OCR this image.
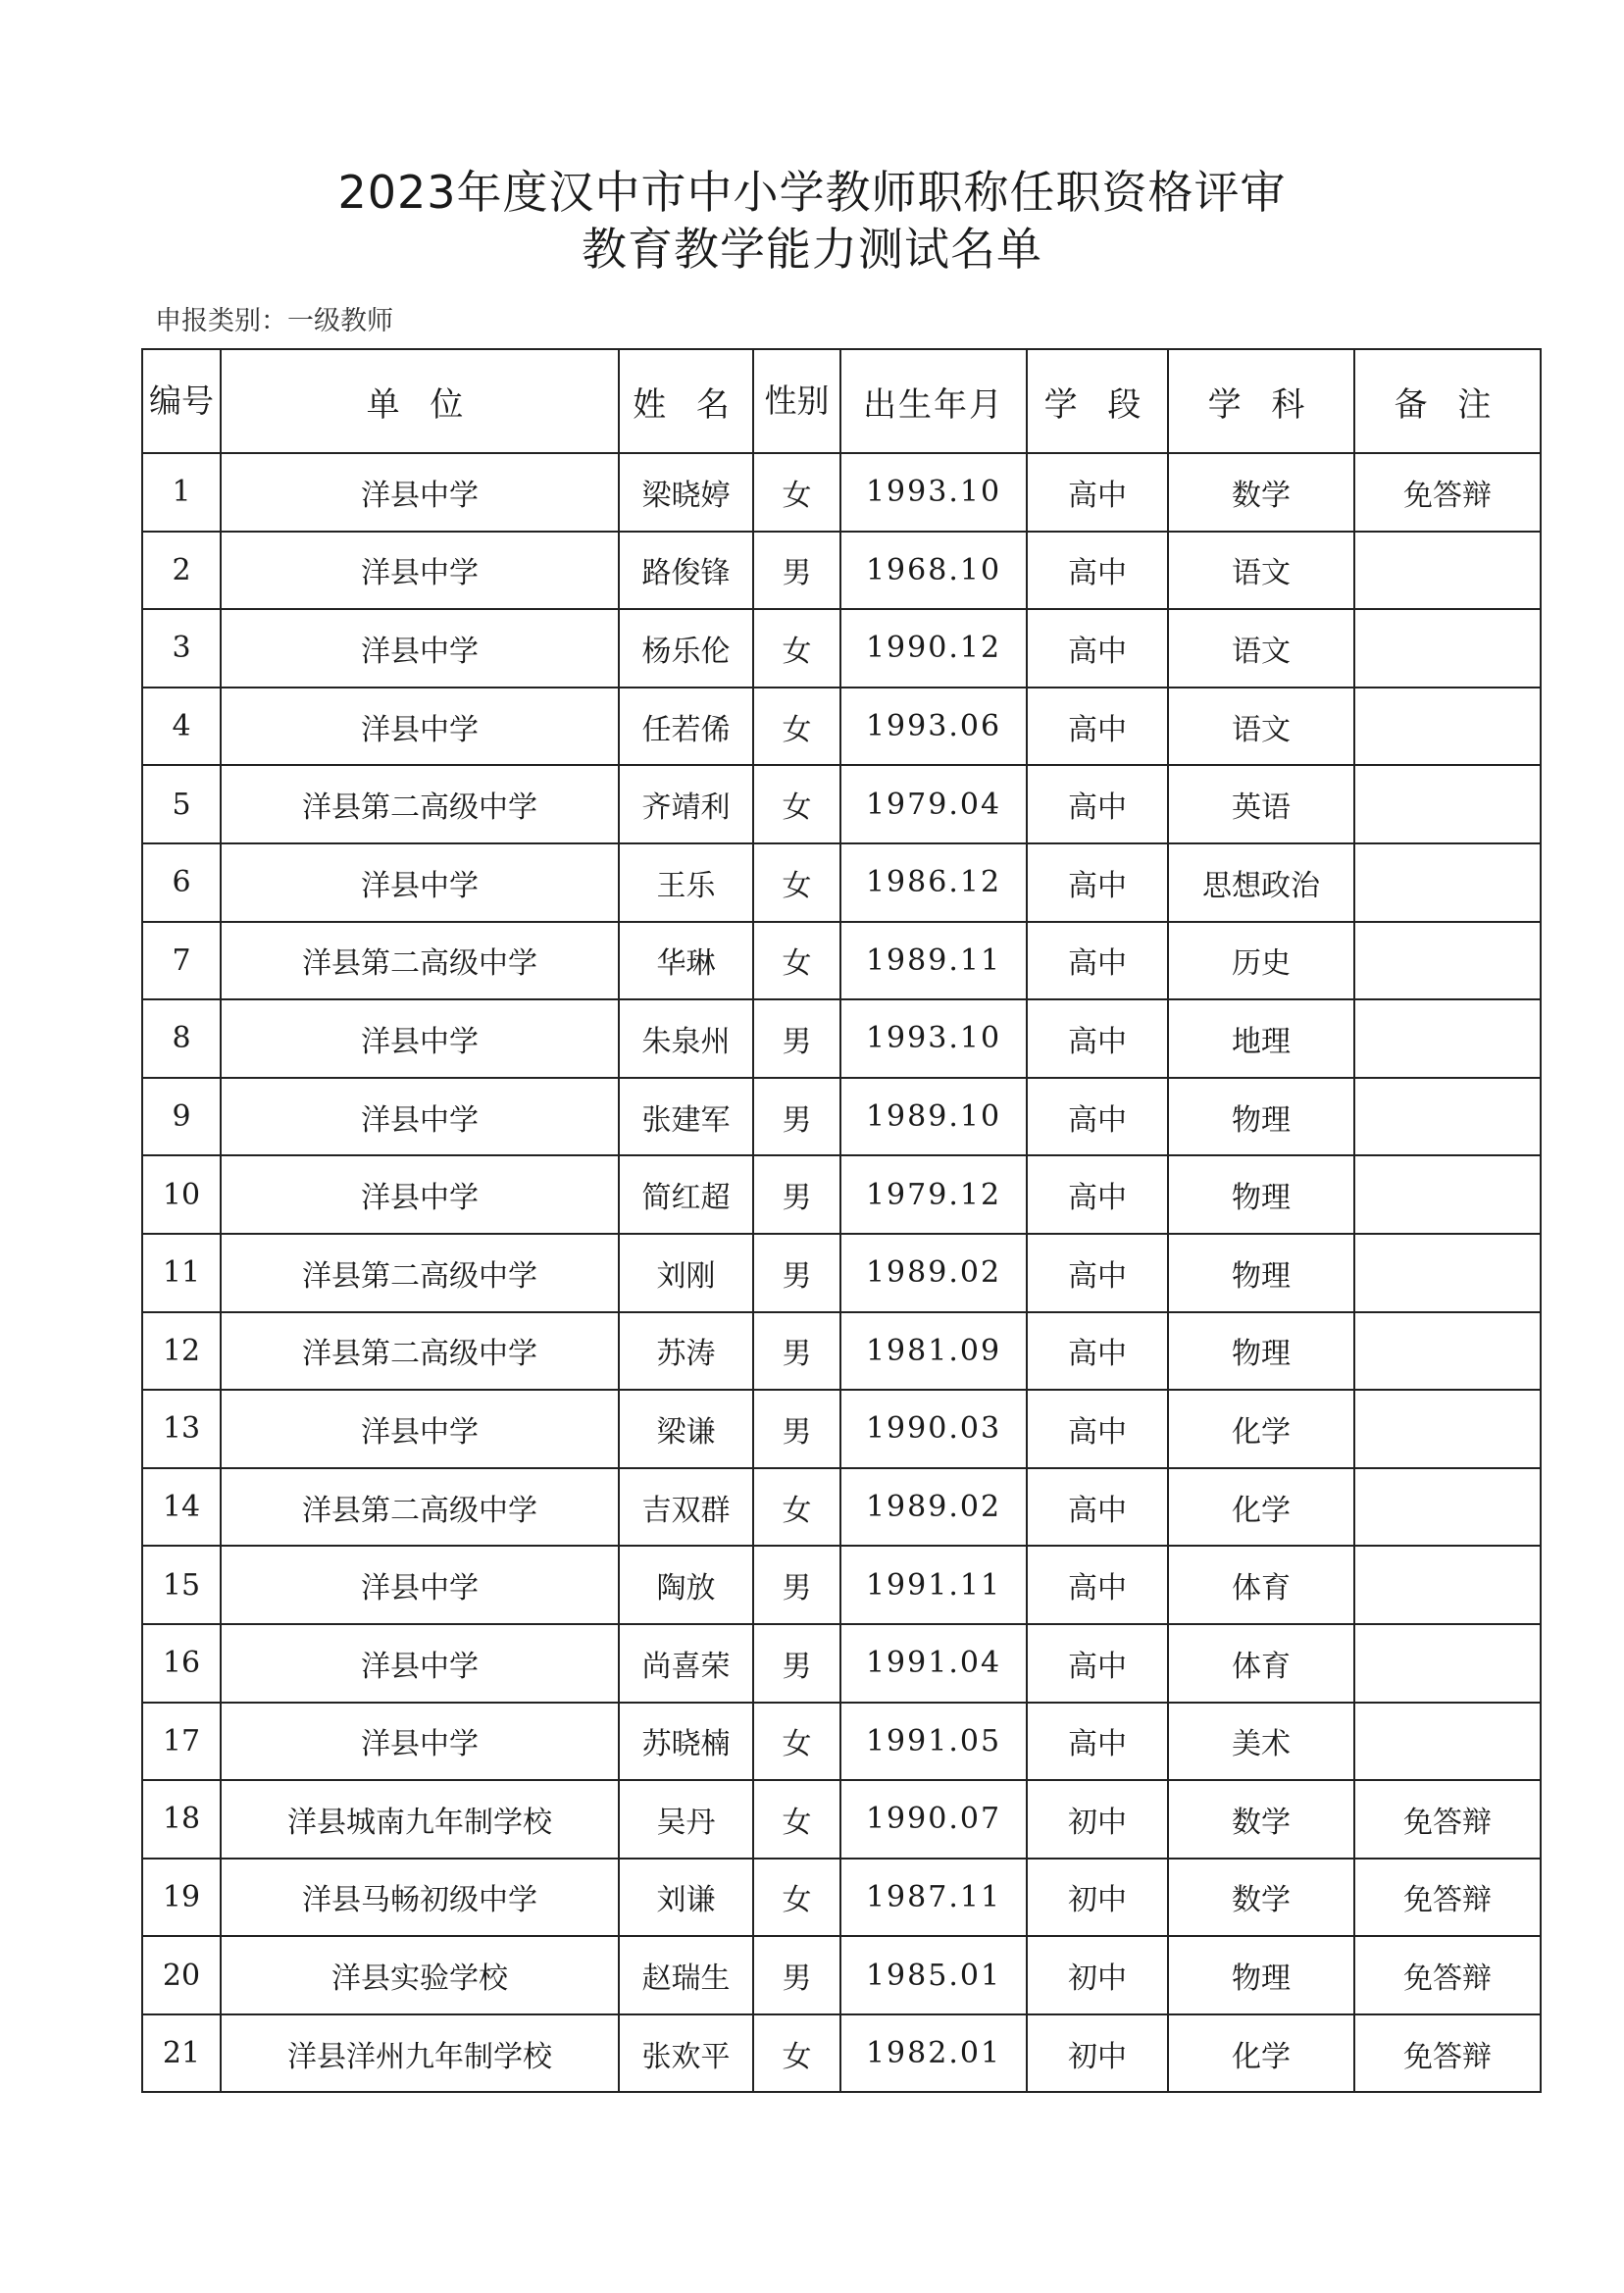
2023年度汉中市中小学教师职称任职资格评审
教育教学能力测试名单
申报类别：一级教师
编号	单 位	姓 名	性别	出生年月	学 段	学 科	备 注
1	洋县中学	梁晓婷	女	1993.10	高中	数学	免答辩
2	洋县中学	路俊锋	男	1968.10	高中	语文	
3	洋县中学	杨乐伦	女	1990.12	高中	语文	
4	洋县中学	任若俙	女	1993.06	高中	语文	
5	洋县第二高级中学	齐靖利	女	1979.04	高中	英语	
6	洋县中学	王乐	女	1986.12	高中	思想政治	
7	洋县第二高级中学	华琳	女	1989.11	高中	历史	
8	洋县中学	朱泉州	男	1993.10	高中	地理	
9	洋县中学	张建军	男	1989.10	高中	物理	
10	洋县中学	简红超	男	1979.12	高中	物理	
11	洋县第二高级中学	刘刚	男	1989.02	高中	物理	
12	洋县第二高级中学	苏涛	男	1981.09	高中	物理	
13	洋县中学	梁谦	男	1990.03	高中	化学	
14	洋县第二高级中学	吉双群	女	1989.02	高中	化学	
15	洋县中学	陶放	男	1991.11	高中	体育	
16	洋县中学	尚喜荣	男	1991.04	高中	体育	
17	洋县中学	苏晓楠	女	1991.05	高中	美术	
18	洋县城南九年制学校	吴丹	女	1990.07	初中	数学	免答辩
19	洋县马畅初级中学	刘谦	女	1987.11	初中	数学	免答辩
20	洋县实验学校	赵瑞生	男	1985.01	初中	物理	免答辩
21	洋县洋州九年制学校	张欢平	女	1982.01	初中	化学	免答辩
